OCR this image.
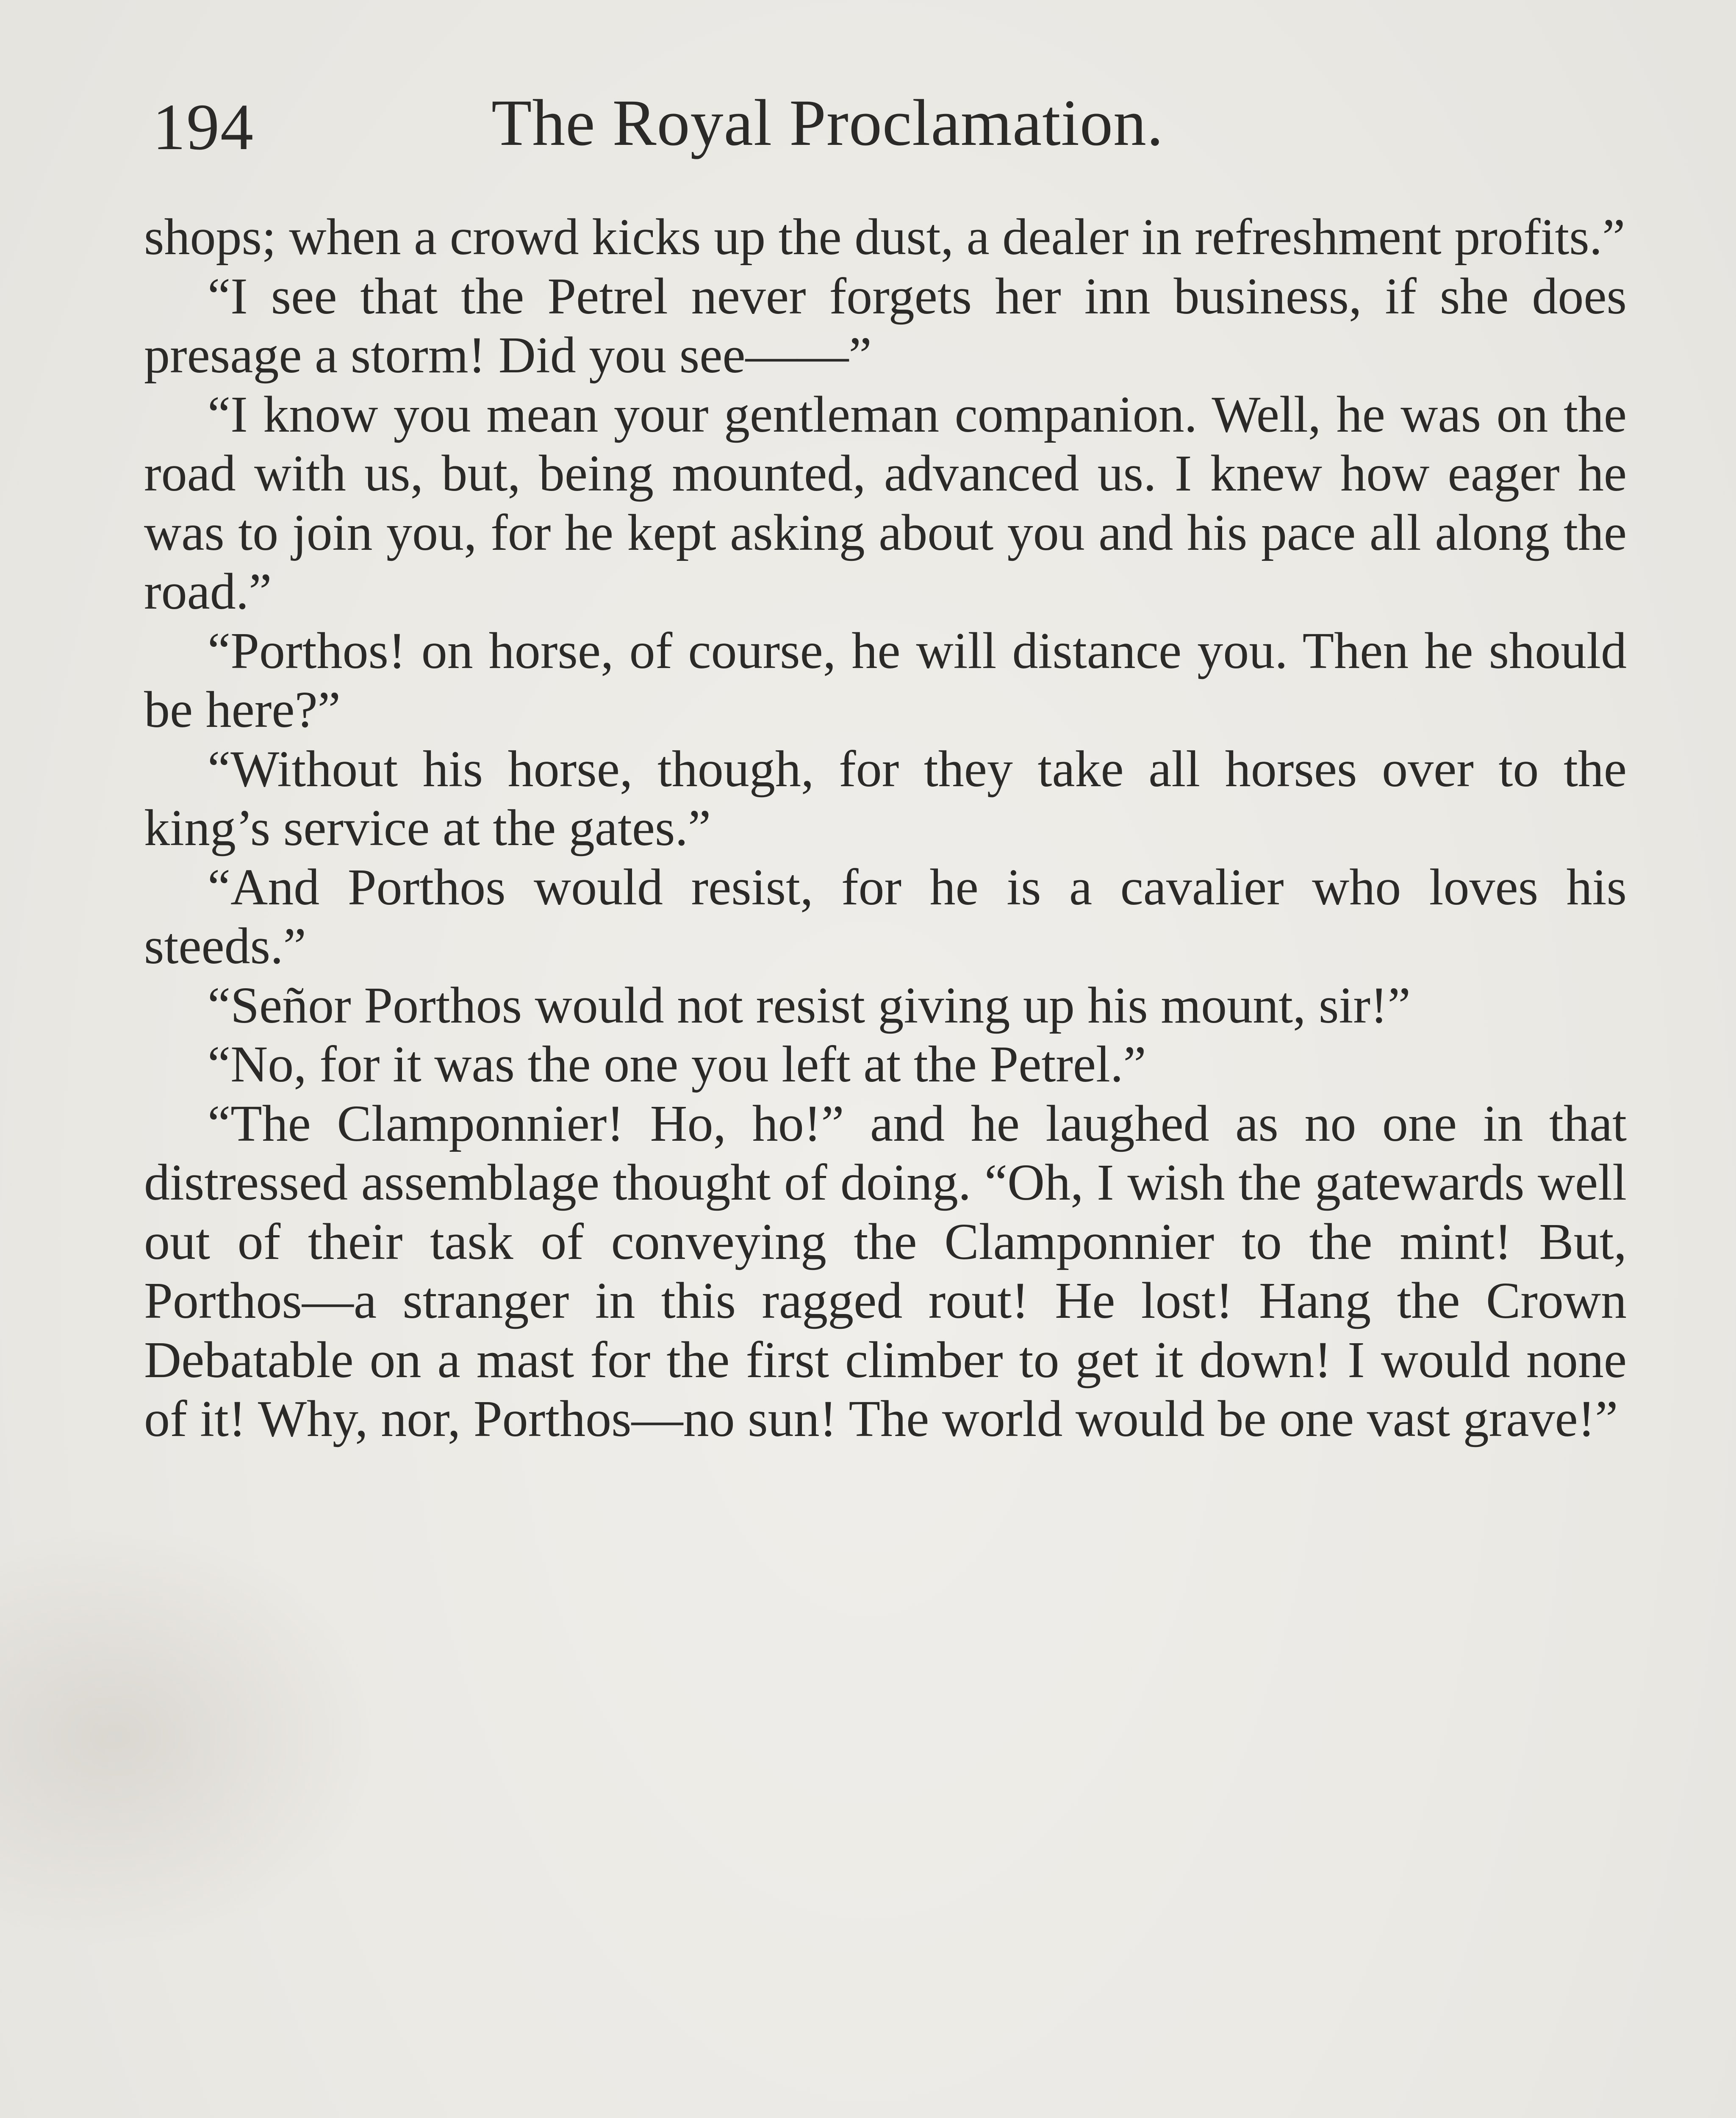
194	The Royal Proclamation.

shops; when a crowd kicks up the dust, a dealer in refreshment profits.”

“I see that the Petrel never forgets her inn business, if she does presage a storm! Did you see——”

“I know you mean your gentleman companion. Well, he was on the road with us, but, being mounted, advanced us. I knew how eager he was to join you, for he kept asking about you and his pace all along the road.”

“Porthos! on horse, of course, he will distance you. Then he should be here?”

“Without his horse, though, for they take all horses over to the king’s service at the gates.”

“And Porthos would resist, for he is a cavalier who loves his steeds.”

“Señor Porthos would not resist giving up his mount, sir!”

“No, for it was the one you left at the Petrel.”

“The Clamponnier! Ho, ho!” and he laughed as no one in that distressed assemblage thought of doing. “Oh, I wish the gatewards well out of their task of conveying the Clamponnier to the mint! But, Porthos—a stranger in this ragged rout! He lost! Hang the Crown Debatable on a mast for the first climber to get it down! I would none of it! Why, nor, Porthos—no sun! The world would be one vast grave!”
